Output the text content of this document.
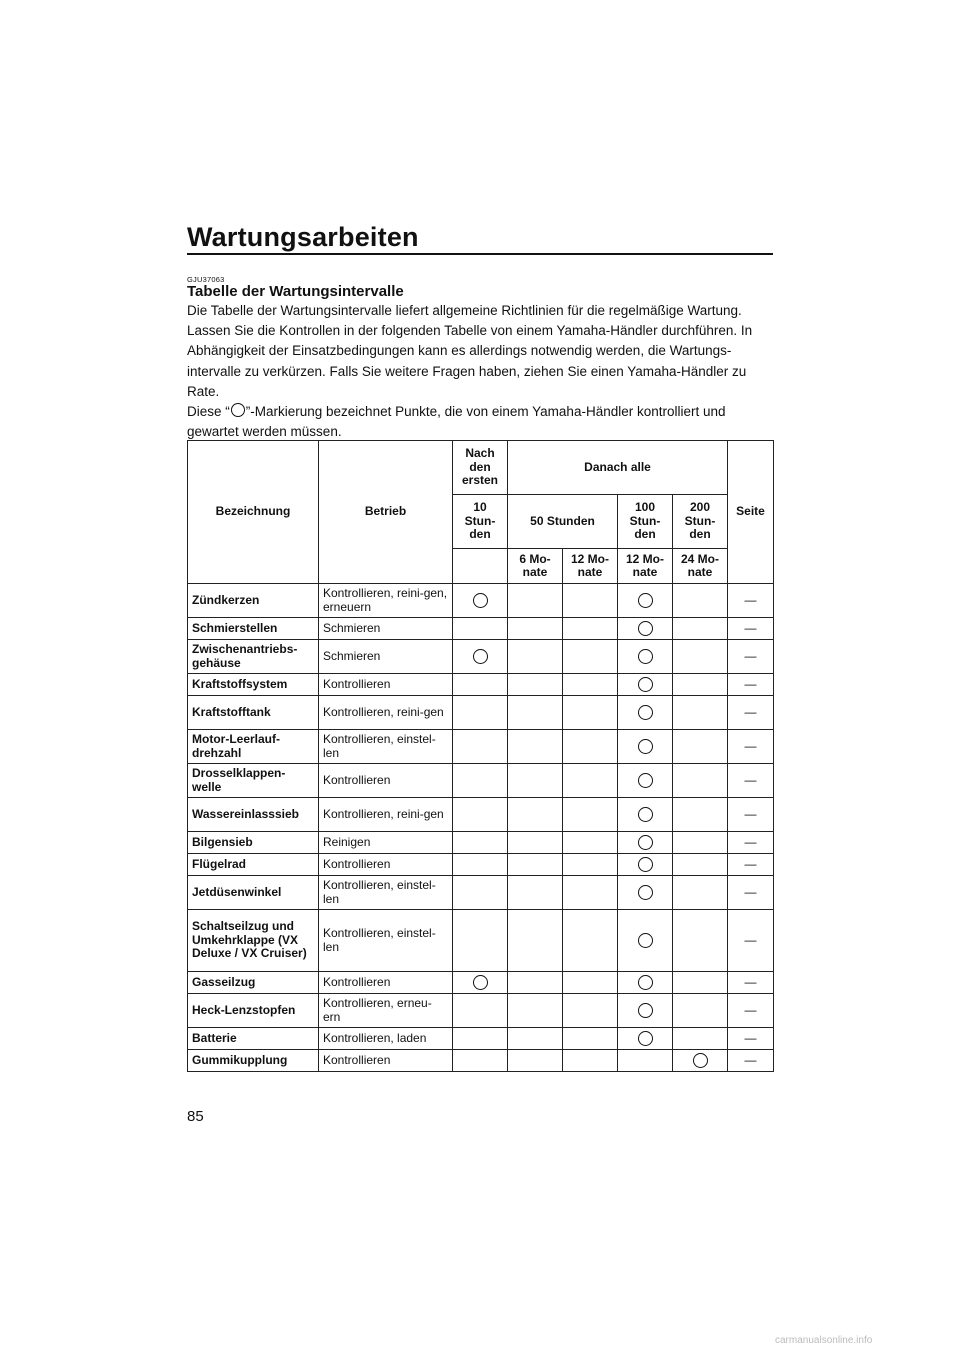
Wartungsarbeiten
GJU37063
Tabelle der Wartungsintervalle

Die Tabelle der Wartungsintervalle liefert allgemeine Richtlinien für die regelmäßige Wartung. Lassen Sie die Kontrollen in der folgenden Tabelle von einem Yamaha-Händler durchführen. In Abhängigkeit der Einsatzbedingungen kann es allerdings notwendig werden, die Wartungs-intervalle zu verkürzen. Falls Sie weitere Fragen haben, ziehen Sie einen Yamaha-Händler zu Rate.

Diese “○”-Markierung bezeichnet Punkte, die von einem Yamaha-Händler kontrolliert und gewartet werden müssen.

Bezeichnung	Betrieb	Nach den ersten	Danach alle				Seite
		10 Stun-den	50 Stunden		100 Stun-den	200 Stun-den	
			6 Mo-nate	12 Mo-nate	12 Mo-nate	24 Mo-nate	
Zündkerzen	Kontrollieren, reini-gen, erneuern						—
Schmierstellen	Schmieren						—
Zwischenantriebs-gehäuse	Schmieren						—
Kraftstoffsystem	Kontrollieren						—
Kraftstofftank	Kontrollieren, reini-gen						—
Motor-Leerlauf-drehzahl	Kontrollieren, einstel-len						—
Drosselklappen-welle	Kontrollieren						—
Wassereinlasssieb	Kontrollieren, reini-gen						—
Bilgensieb	Reinigen						—
Flügelrad	Kontrollieren						—
Jetdüsenwinkel	Kontrollieren, einstel-len						—
Schaltseilzug und Umkehrklappe (VX Deluxe / VX Cruiser)	Kontrollieren, einstel-len						—
Gasseilzug	Kontrollieren						—
Heck-Lenzstopfen	Kontrollieren, erneu-ern						—
Batterie	Kontrollieren, laden						—
Gummikupplung	Kontrollieren						—
85
carmanualsonline.info
